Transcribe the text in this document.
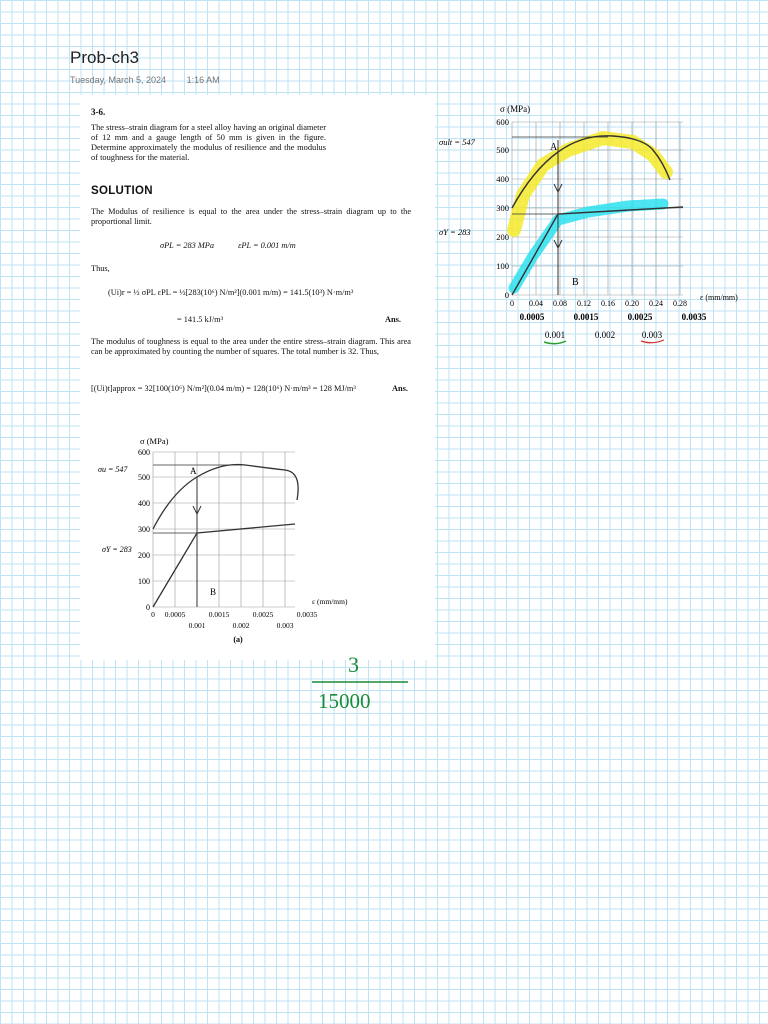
Prob-ch3
Tuesday, March 5, 2024 1:16 AM
3-6.
The stress–strain diagram for a steel alloy having an original diameter of 12 mm and a gauge length of 50 mm is given in the figure. Determine approximately the modulus of resilience and the modulus of toughness for the material.
SOLUTION
The Modulus of resilience is equal to the area under the stress–strain diagram up to the proportional limit.
σPL = 283 MPa	εPL = 0.001 m/m
Thus,
(Ui)r = ½ σPL εPL = ½[283(10⁶) N/m²](0.001 m/m) = 141.5(10³) N·m/m³
= 141.5 kJ/m³	Ans.
The modulus of toughness is equal to the area under the entire stress–strain diagram. This area can be approximated by counting the number of squares. The total number is 32. Thus,
[(Ui)t]approx = 32[100(10⁶) N/m²](0.04 m/m) = 128(10⁶) N·m/m³ = 128 MJ/m³	Ans.
σ (MPa)
σult = 547
σY = 283
A
B
0
100
200
300
400
500
600
0 0.04 0.08 0.12 0.16 0.20 0.24 0.28
ε (mm/mm)
0.0005	0.0015	0.0025	0.0035
0.001	0.002	0.003
σ (MPa)
σu = 547
σY = 283
A
B
0
100
200
300
400
500
600
ε (mm/mm)
0 0.0005	0.0015	0.0025	0.0035
0.001	0.002	0.003
(a)
3
15000
